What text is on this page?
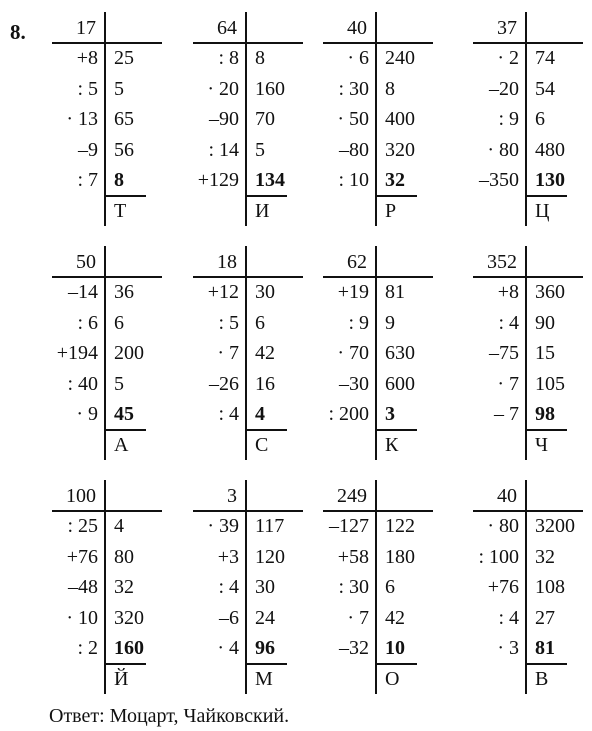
8.	17
+8 25
: 5 5
· 13 65
–9 56
: 7 8
Т
64
: 8 8
· 20 160
–90 70
: 14 5
+129 134
И
40
· 6 240
: 30 8
· 50 400
–80 320
: 10 32
Р
37
· 2 74
–20 54
: 9 6
· 80 480
–350 130
Ц
50
–14 36
: 6 6
+194 200
: 40 5
· 9 45
А
18
+12 30
: 5 6
· 7 42
–26 16
: 4 4
С
62
+19 81
: 9 9
· 70 630
–30 600
: 200 3
К
352
+8 360
: 4 90
–75 15
· 7 105
– 7 98
Ч
100
: 25 4
+76 80
–48 32
· 10 320
: 2 160
Й
3
· 39 117
+3 120
: 4 30
–6 24
· 4 96
М
249
–127 122
+58 180
: 30 6
· 7 42
–32 10
О
40
· 80 3200
: 100 32
+76 108
: 4 27
· 3 81
В
Ответ: Моцарт, Чайковский.
